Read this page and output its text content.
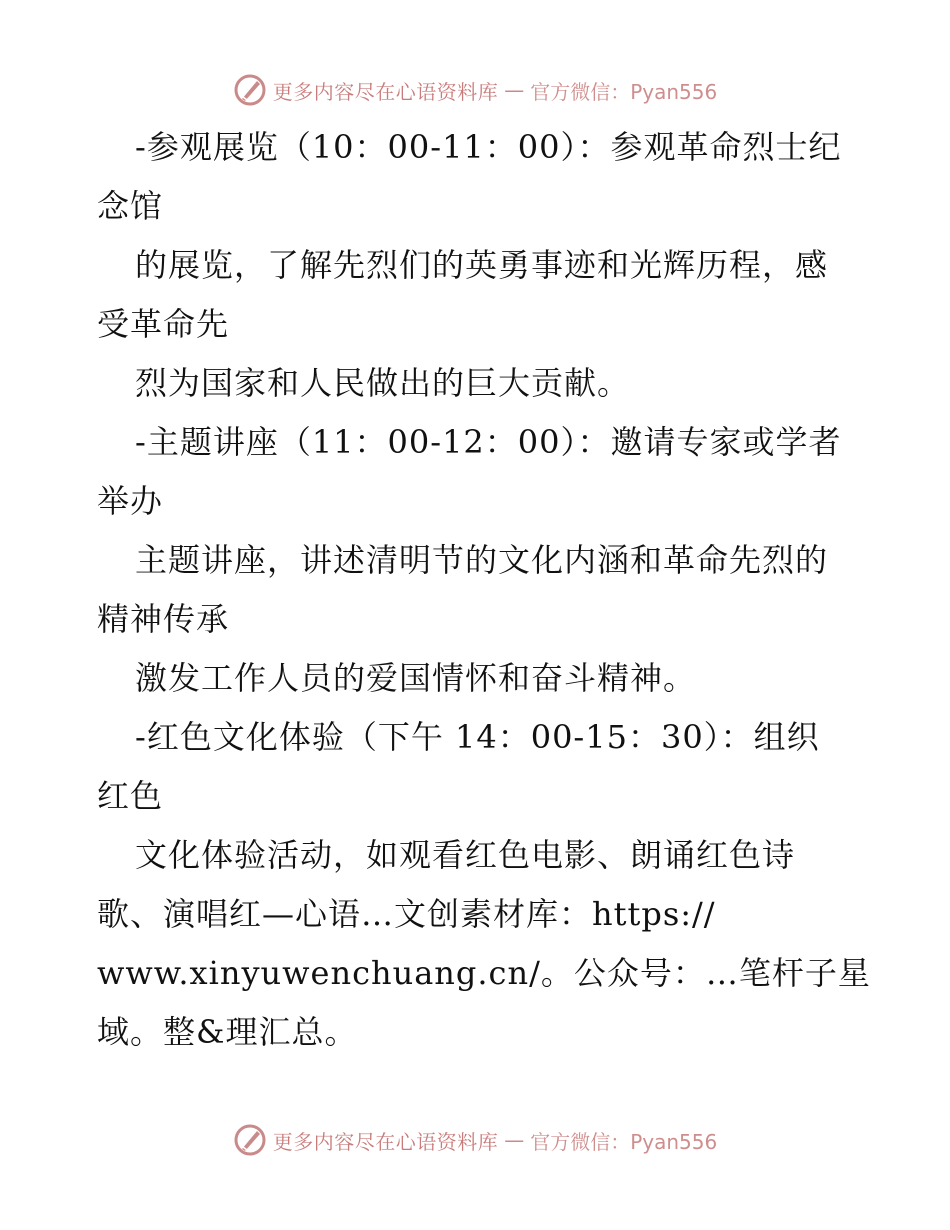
更多内容尽在心语资料库 — 官方微信：Pyan556
-参观展览（10：00-11：00）：参观革命烈士纪
念馆
的展览，了解先烈们的英勇事迹和光辉历程，感
受革命先
烈为国家和人民做出的巨大贡献。
-主题讲座（11：00-12：00）：邀请专家或学者
举办
主题讲座，讲述清明节的文化内涵和革命先烈的
精神传承
激发工作人员的爱国情怀和奋斗精神。
-红色文化体验（下午 14：00-15：30）：组织
红色
文化体验活动，如观看红色电影、朗诵红色诗
歌、演唱红—心语…文创素材库：https://
www.xinyuwenchuang.cn/。公众号：…笔杆子星
域。整&理汇总。
更多内容尽在心语资料库 — 官方微信：Pyan556
